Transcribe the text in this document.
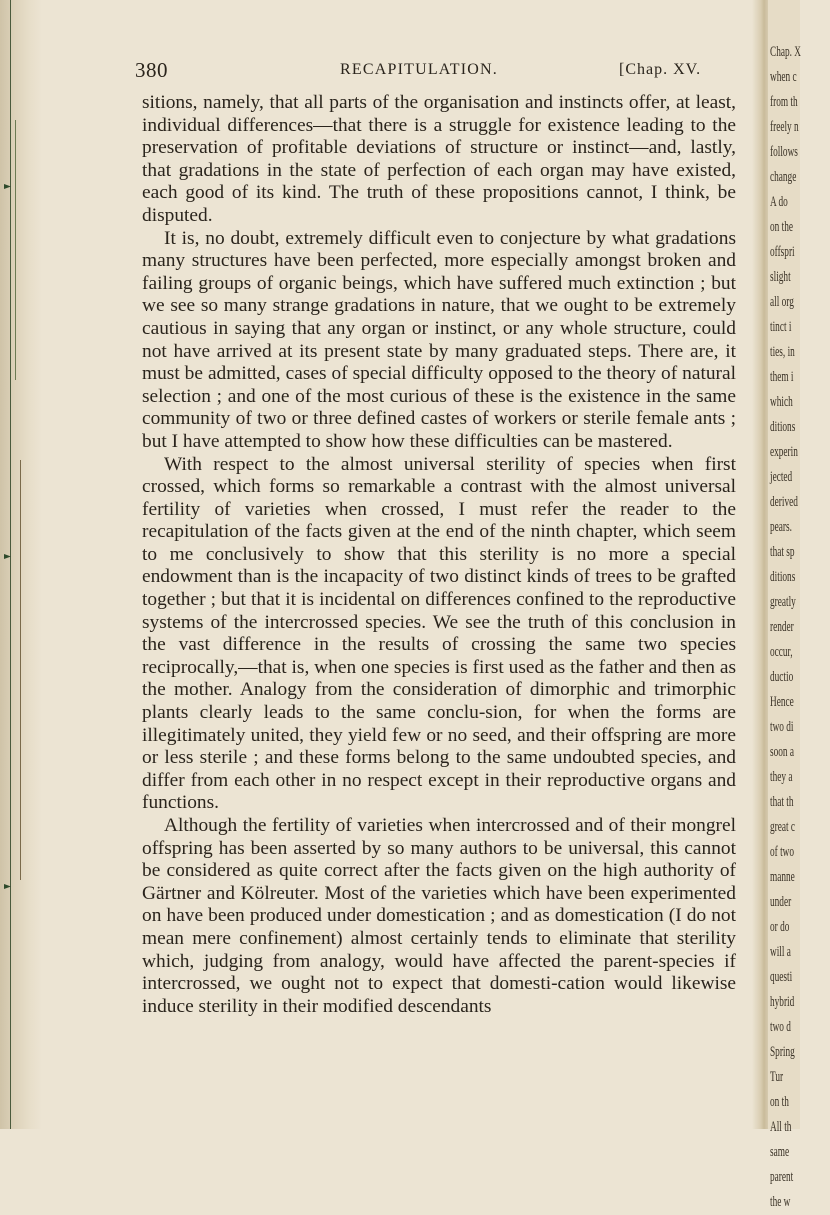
Chap. X
when c
from th
freely n
follows
change
A do
on the
offspri
slight
all org
tinct i
ties, in
them i
which
ditions
experin
jected
derived
pears.
that sp
ditions
greatly
render
occur,
ductio
Hence
two di
soon a
they a
that th
great c
of two
manne
under
or do
will a
questi
hybrid
two d
Spring
Tur
on th
All th
same
parent
the w
380	RECAPITULATION.	[Chap. XV.

sitions, namely, that all parts of the organisation and instincts offer, at least, individual differences—that there is a struggle for existence leading to the preservation of profitable deviations of structure or instinct—and, lastly, that gradations in the state of perfection of each organ may have existed, each good of its kind. The truth of these propositions cannot, I think, be disputed.

It is, no doubt, extremely difficult even to conjecture by what gradations many structures have been perfected, more especially amongst broken and failing groups of organic beings, which have suffered much extinction ; but we see so many strange gradations in nature, that we ought to be extremely cautious in saying that any organ or instinct, or any whole structure, could not have arrived at its present state by many graduated steps. There are, it must be admitted, cases of special difficulty opposed to the theory of natural selection ; and one of the most curious of these is the existence in the same community of two or three defined castes of workers or sterile female ants ; but I have attempted to show how these difficulties can be mastered.

With respect to the almost universal sterility of species when first crossed, which forms so remarkable a contrast with the almost universal fertility of varieties when crossed, I must refer the reader to the recapitulation of the facts given at the end of the ninth chapter, which seem to me conclusively to show that this sterility is no more a special endowment than is the incapacity of two distinct kinds of trees to be grafted together ; but that it is incidental on differences confined to the reproductive systems of the intercrossed species. We see the truth of this conclusion in the vast difference in the results of crossing the same two species reciprocally,—that is, when one species is first used as the father and then as the mother. Analogy from the consideration of dimorphic and trimorphic plants clearly leads to the same conclu-sion, for when the forms are illegitimately united, they yield few or no seed, and their offspring are more or less sterile ; and these forms belong to the same undoubted species, and differ from each other in no respect except in their reproductive organs and functions.

Although the fertility of varieties when intercrossed and of their mongrel offspring has been asserted by so many authors to be universal, this cannot be considered as quite correct after the facts given on the high authority of Gärtner and Kölreuter. Most of the varieties which have been experimented on have been produced under domestication ; and as domestication (I do not mean mere confinement) almost certainly tends to eliminate that sterility which, judging from analogy, would have affected the parent-species if intercrossed, we ought not to expect that domesti-cation would likewise induce sterility in their modified descendants
